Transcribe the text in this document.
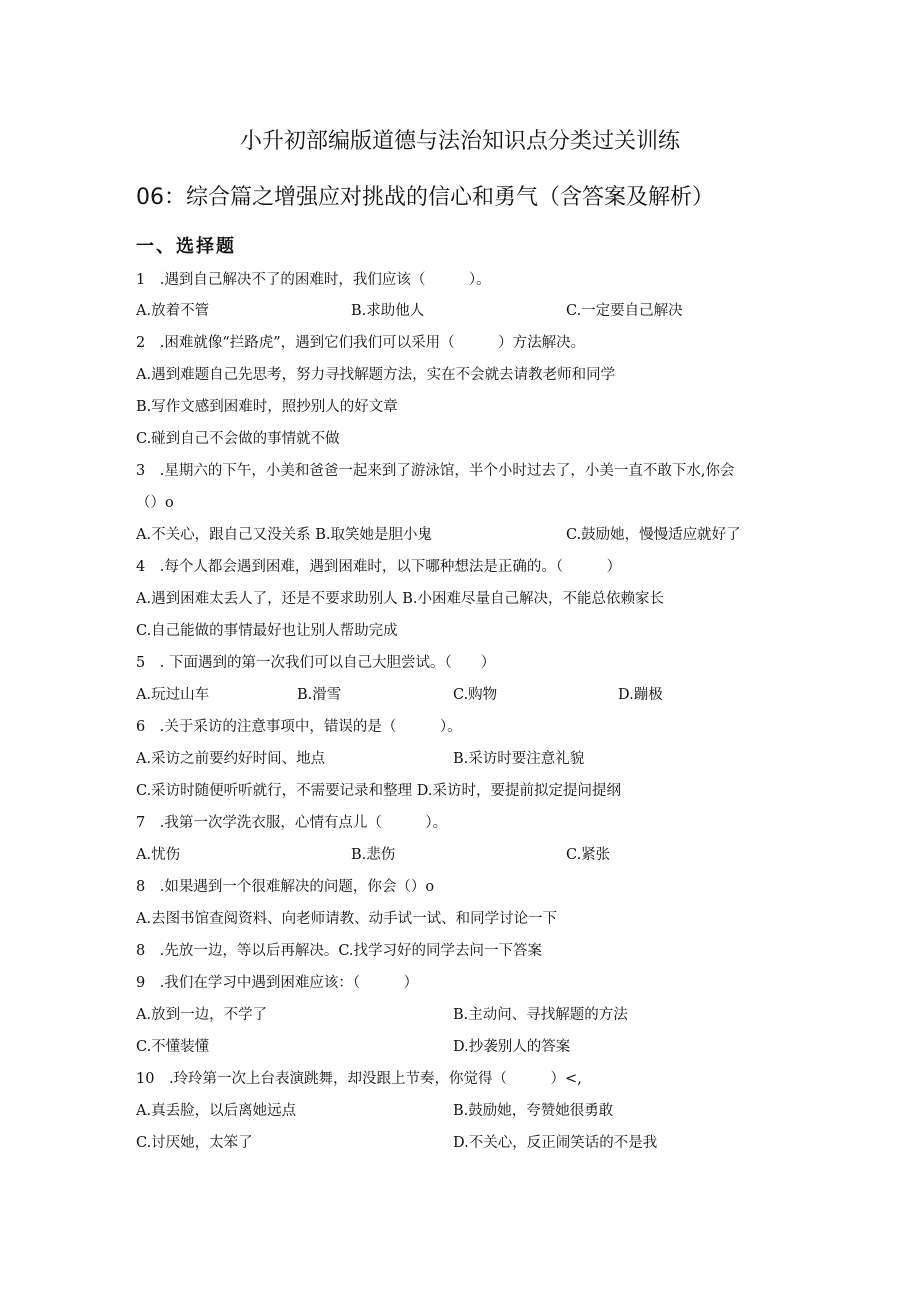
小升初部编版道德与法治知识点分类过关训练
06：综合篇之增强应对挑战的信心和勇气（含答案及解析）
一、选择题
1　.遇到自己解决不了的困难时，我们应该（　　　）。
A.放着不管	B.求助他人	C.一定要自己解决
2　.困难就像“拦路虎”，遇到它们我们可以采用（　　　）方法解决。
A.遇到难题自己先思考，努力寻找解题方法，实在不会就去请教老师和同学
B.写作文感到困难时，照抄别人的好文章
C.碰到自己不会做的事情就不做
3　.星期六的下午，小美和爸爸一起来到了游泳馆，半个小时过去了，小美一直不敢下水,你会
（）o
A.不关心，跟自己又没关系 B.取笑她是胆小鬼	C.鼓励她，慢慢适应就好了
4　.每个人都会遇到困难，遇到困难时，以下哪种想法是正确的。（　　　）
A.遇到困难太丢人了，还是不要求助别人 B.小困难尽量自己解决，不能总依赖家长
C.自己能做的事情最好也让别人帮助完成
5　. 下面遇到的第一次我们可以自己大胆尝试。（　　）
A.玩过山车	B.滑雪	C.购物	D.蹦极
6　.关于采访的注意事项中，错误的是（　　　）。
A.采访之前要约好时间、地点	B.采访时要注意礼貌
C.采访时随便听听就行，不需要记录和整理 D.采访时，要提前拟定提问提纲
7　.我第一次学洗衣服，心情有点儿（　　　）。
A.忧伤	B.悲伤	C.紧张
8　.如果遇到一个很难解决的问题，你会（）o
A.去图书馆查阅资料、向老师请教、动手试一试、和同学讨论一下
8　.先放一边，等以后再解决。C.找学习好的同学去问一下答案
9　.我们在学习中遇到困难应该：（　　　）
A.放到一边，不学了	B.主动问、寻找解题的方法
C.不懂装懂	D.抄袭别人的答案
10　.玲玲第一次上台表演跳舞，却没跟上节奏，你觉得（　　　）<,
A.真丢脸，以后离她远点	B.鼓励她，夸赞她很勇敢
C.讨厌她，太笨了	D.不关心，反正闹笑话的不是我
